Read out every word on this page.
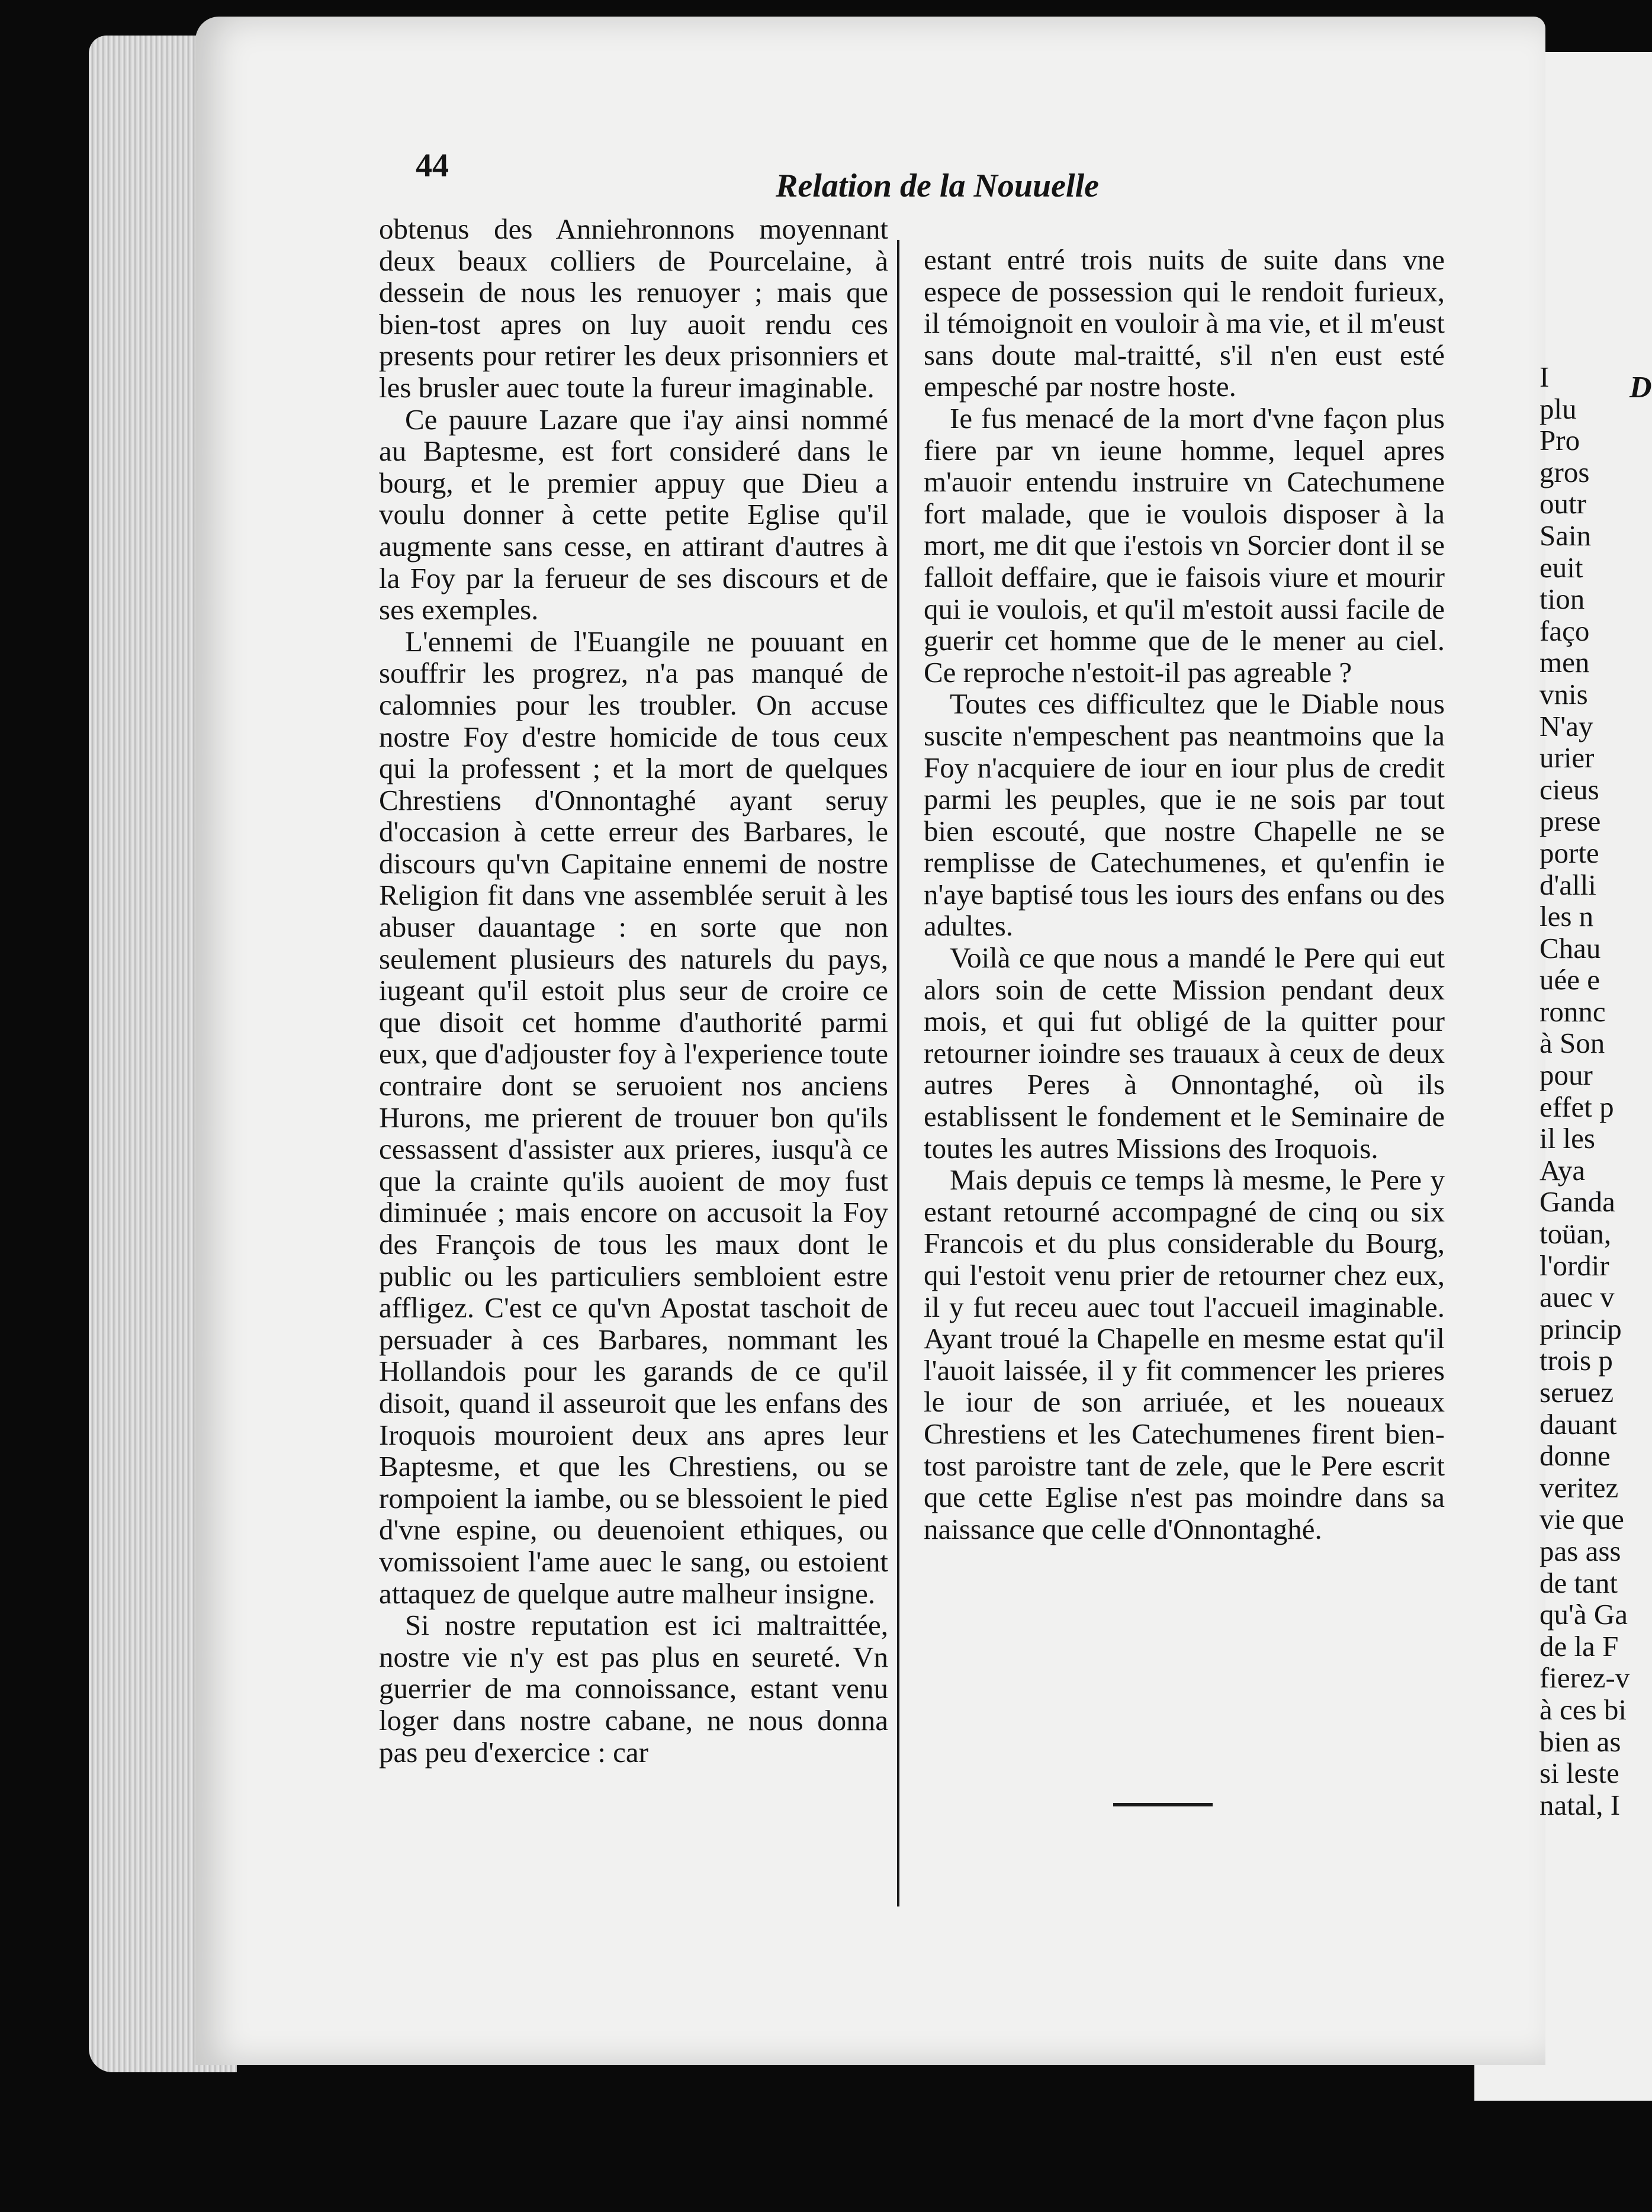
44
Relation de la Nouuelle

obtenus des Anniehronnons moyennant deux beaux colliers de Pourcelaine, à dessein de nous les renuoyer ; mais que bien-tost apres on luy auoit rendu ces presents pour retirer les deux prisonniers et les brusler auec toute la fureur imaginable.

Ce pauure Lazare que i'ay ainsi nommé au Baptesme, est fort consideré dans le bourg, et le premier appuy que Dieu a voulu donner à cette petite Eglise qu'il augmente sans cesse, en attirant d'autres à la Foy par la ferueur de ses discours et de ses exemples.

L'ennemi de l'Euangile ne pouuant en souffrir les progrez, n'a pas manqué de calomnies pour les troubler. On accuse nostre Foy d'estre homicide de tous ceux qui la professent ; et la mort de quelques Chrestiens d'Onnontaghé ayant seruy d'occasion à cette erreur des Barbares, le discours qu'vn Capitaine ennemi de nostre Religion fit dans vne assemblée seruit à les abuser dauantage : en sorte que non seulement plusieurs des naturels du pays, iugeant qu'il estoit plus seur de croire ce que disoit cet homme d'authorité parmi eux, que d'adjouster foy à l'experience toute contraire dont se seruoient nos anciens Hurons, me prierent de trouuer bon qu'ils cessassent d'assister aux prieres, iusqu'à ce que la crainte qu'ils auoient de moy fust diminuée ; mais encore on accusoit la Foy des François de tous les maux dont le public ou les particuliers sembloient estre affligez. C'est ce qu'vn Apostat taschoit de persuader à ces Barbares, nommant les Hollandois pour les garands de ce qu'il disoit, quand il asseuroit que les enfans des Iroquois mouroient deux ans apres leur Baptesme, et que les Chrestiens, ou se rompoient la iambe, ou se blessoient le pied d'vne espine, ou deuenoient ethiques, ou vomissoient l'ame auec le sang, ou estoient attaquez de quelque autre malheur insigne.

Si nostre reputation est ici maltraittée, nostre vie n'y est pas plus en seureté. Vn guerrier de ma connoissance, estant venu loger dans nostre cabane, ne nous donna pas peu d'exercice : car

estant entré trois nuits de suite dans vne espece de possession qui le rendoit furieux, il témoignoit en vouloir à ma vie, et il m'eust sans doute mal-traitté, s'il n'en eust esté empesché par nostre hoste.

Ie fus menacé de la mort d'vne façon plus fiere par vn ieune homme, lequel apres m'auoir entendu instruire vn Catechumene fort malade, que ie voulois disposer à la mort, me dit que i'estois vn Sorcier dont il se falloit deffaire, que ie faisois viure et mourir qui ie voulois, et qu'il m'estoit aussi facile de guerir cet homme que de le mener au ciel. Ce reproche n'estoit-il pas agreable ?

Toutes ces difficultez que le Diable nous suscite n'empeschent pas neantmoins que la Foy n'acquiere de iour en iour plus de credit parmi les peuples, que ie ne sois par tout bien escouté, que nostre Chapelle ne se remplisse de Catechumenes, et qu'enfin ie n'aye baptisé tous les iours des enfans ou des adultes.

Voilà ce que nous a mandé le Pere qui eut alors soin de cette Mission pendant deux mois, et qui fut obligé de la quitter pour retourner ioindre ses trauaux à ceux de deux autres Peres à Onnontaghé, où ils establissent le fondement et le Seminaire de toutes les autres Missions des Iroquois.

Mais depuis ce temps là mesme, le Pere y estant retourné accompagné de cinq ou six Francois et du plus considerable du Bourg, qui l'estoit venu prier de retourner chez eux, il y fut receu auec tout l'accueil imaginable. Ayant troué la Chapelle en mesme estat qu'il l'auoit laissée, il y fit commencer les prieres le iour de son arriuée, et les noueaux Chrestiens et les Catechumenes firent bien-tost paroistre tant de zele, que le Pere escrit que cette Eglise n'est pas moindre dans sa naissance que celle d'Onnontaghé.

D
I
plu
Pro
gros
outr
Sain
euit
tion
faço
men
vnis
N'ay
urier
cieus
prese
porte
d'alli
les n
Chau
uée e
ronnc
à Son
pour
effet p
il les
Aya
Ganda
toüan,
l'ordir
auec v
princip
trois p
seruez
dauant
donne
veritez
vie que
pas ass
de tant
qu'à Ga
de la F
fierez-v
à ces bi
bien as
si leste
natal, I
